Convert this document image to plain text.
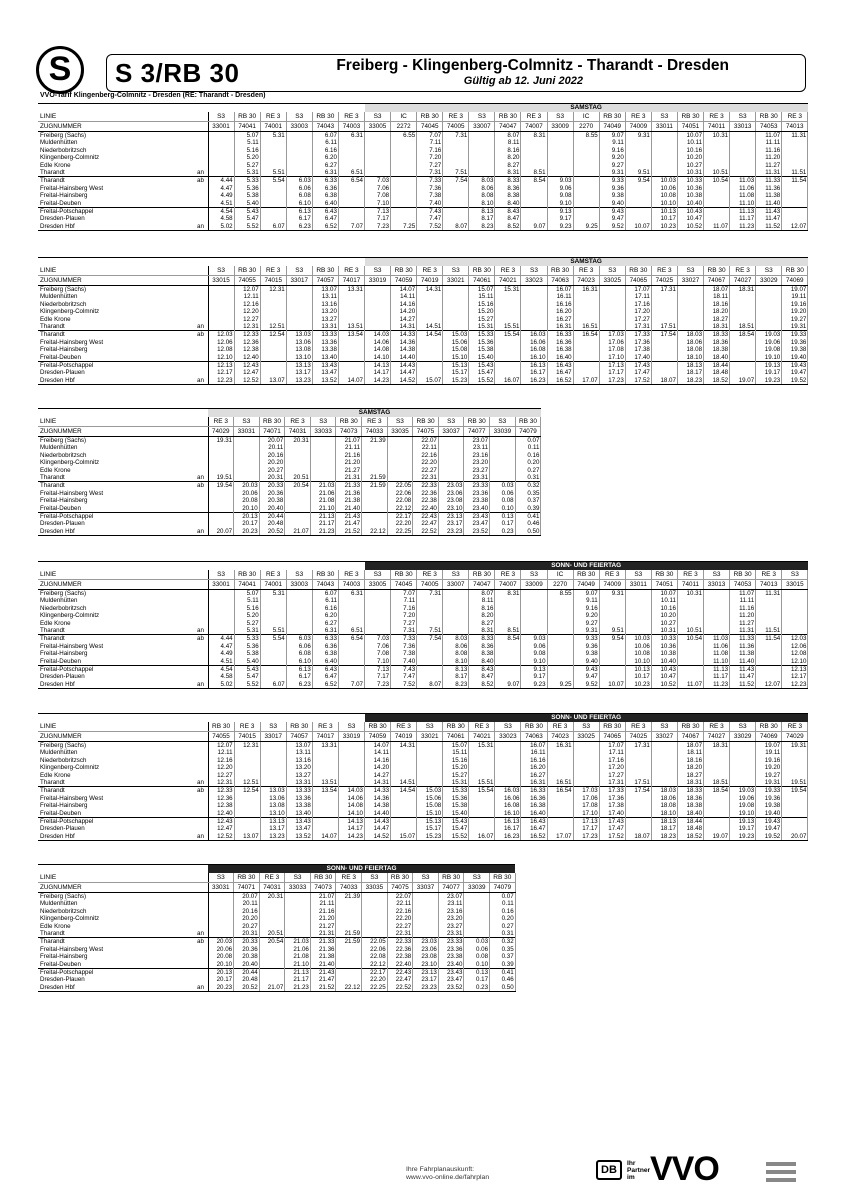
S	S 3/RB 30	Freiberg - Klingenberg-Colmnitz - Tharandt - Dresden
Gültig ab 12. Juni 2022
VVO-Tarif Klingenberg-Colmnitz - Dresden (RE: Tharandt - Dresden)
								SAMSTAG																
LINIE		S3	RB 30	RE 3	S3	RB 30	RE 3	S3	IC	RB 30	RE 3	S3	RB 30	RE 3	S3	IC	RB 30	RE 3	S3	RB 30	RE 3	S3	RB 30	RE 3
ZUGNUMMER		33001	74041	74001	33003	74043	74003	33005	2272	74045	74005	33007	74047	74007	33009	2270	74049	74009	33011	74051	74011	33013	74053	74013
Freiberg (Sachs)			5.07	5.31		6.07	6.31		6.55	7.07	7.31		8.07	8.31		8.55	9.07	9.31		10.07	10.31		11.07	11.31
Muldenhütten			5.11			6.11				7.11			8.11				9.11			10.11			11.11	
Niederbobritzsch			5.16			6.16				7.16			8.16				9.16			10.16			11.16	
Klingenberg-Colmnitz			5.20			6.20				7.20			8.20				9.20			10.20			11.20	
Edle Krone			5.27			6.27				7.27			8.27				9.27			10.27			11.27	
Tharandt	an		5.31	5.51		6.31	6.51			7.31	7.51		8.31	8.51			9.31	9.51		10.31	10.51		11.31	11.51
Tharandt	ab	4.44	5.33	5.54	6.03	6.33	6.54	7.03		7.33	7.54	8.03	8.33	8.54	9.03		9.33	9.54	10.03	10.33	10.54	11.03	11.33	11.54
Freital-Hainsberg West		4.47	5.36		6.06	6.36		7.06		7.36		8.06	8.36		9.06		9.36		10.06	10.36		11.06	11.36	
Freital-Hainsberg		4.49	5.38		6.08	6.38		7.08		7.38		8.08	8.38		9.08		9.38		10.08	10.38		11.08	11.38	
Freital-Deuben		4.51	5.40		6.10	6.40		7.10		7.40		8.10	8.40		9.10		9.40		10.10	10.40		11.10	11.40	
Freital-Potschappel		4.54	5.43		6.13	6.43		7.13		7.43		8.13	8.43		9.13		9.43		10.13	10.43		11.13	11.43	
Dresden-Plauen		4.58	5.47		6.17	6.47		7.17		7.47		8.17	8.47		9.17		9.47		10.17	10.47		11.17	11.47	
Dresden Hbf	an	5.02	5.52	6.07	6.23	6.52	7.07	7.23	7.25	7.52	8.07	8.23	8.52	9.07	9.23	9.25	9.52	10.07	10.23	10.52	11.07	11.23	11.52	12.07
								SAMSTAG																
LINIE		S3	RB 30	RE 3	S3	RB 30	RE 3	S3	RB 30	RE 3	S3	RB 30	RE 3	S3	RB 30	RE 3	S3	RB 30	RE 3	S3	RB 30	RE 3	S3	RB 30
ZUGNUMMER		33015	74055	74015	33017	74057	74017	33019	74059	74019	33021	74061	74021	33023	74063	74023	33025	74065	74025	33027	74067	74027	33029	74069
Freiberg (Sachs)			12.07	12.31		13.07	13.31		14.07	14.31		15.07	15.31		16.07	16.31		17.07	17.31		18.07	18.31		19.07
Muldenhütten			12.11			13.11			14.11			15.11			16.11			17.11			18.11			19.11
Niederbobritzsch			12.16			13.16			14.16			15.16			16.16			17.16			18.16			19.16
Klingenberg-Colmnitz			12.20			13.20			14.20			15.20			16.20			17.20			18.20			19.20
Edle Krone			12.27			13.27			14.27			15.27			16.27			17.27			18.27			19.27
Tharandt	an		12.31	12.51		13.31	13.51		14.31	14.51		15.31	15.51		16.31	16.51		17.31	17.51		18.31	18.51		19.31
Tharandt	ab	12.03	12.33	12.54	13.03	13.33	13.54	14.03	14.33	14.54	15.03	15.33	15.54	16.03	16.33	16.54	17.03	17.33	17.54	18.03	18.33	18.54	19.03	19.33
Freital-Hainsberg West		12.06	12.36		13.06	13.36		14.06	14.36		15.06	15.36		16.06	16.36		17.06	17.36		18.06	18.36		19.06	19.36
Freital-Hainsberg		12.08	12.38		13.08	13.38		14.08	14.38		15.08	15.38		16.08	16.38		17.08	17.38		18.08	18.38		19.08	19.38
Freital-Deuben		12.10	12.40		13.10	13.40		14.10	14.40		15.10	15.40		16.10	16.40		17.10	17.40		18.10	18.40		19.10	19.40
Freital-Potschappel		12.13	12.43		13.13	13.43		14.13	14.43		15.13	15.43		16.13	16.43		17.13	17.43		18.13	18.44		19.13	19.43
Dresden-Plauen		12.17	12.47		13.17	13.47		14.17	14.47		15.17	15.47		16.17	16.47		17.17	17.47		18.17	18.48		19.17	19.47
Dresden Hbf	an	12.23	12.52	13.07	13.23	13.52	14.07	14.23	14.52	15.07	15.23	15.52	16.07	16.23	16.52	17.07	17.23	17.52	18.07	18.23	18.52	19.07	19.23	19.52
		SAMSTAG												
LINIE		RE 3	S3	RB 30	RE 3	S3	RB 30	RE 3	S3	RB 30	S3	RB 30	S3	RB 30
ZUGNUMMER		74029	33031	74071	74031	33033	74073	74033	33035	74075	33037	74077	33039	74079
Freiberg (Sachs)		19.31		20.07	20.31		21.07	21.39		22.07		23.07		0.07
Muldenhütten				20.11			21.11			22.11		23.11		0.11
Niederbobritzsch				20.16			21.16			22.16		23.16		0.16
Klingenberg-Colmnitz				20.20			21.20			22.20		23.20		0.20
Edle Krone				20.27			21.27			22.27		23.27		0.27
Tharandt	an	19.51		20.31	20.51		21.31	21.59		22.31		23.31		0.31
Tharandt	ab	19.54	20.03	20.33	20.54	21.03	21.33	21.59	22.05	22.33	23.03	23.33	0.03	0.32
Freital-Hainsberg West			20.06	20.36		21.06	21.36		22.06	22.36	23.06	23.36	0.06	0.35
Freital-Hainsberg			20.08	20.38		21.08	21.38		22.08	22.38	23.08	23.38	0.08	0.37
Freital-Deuben			20.10	20.40		21.10	21.40		22.12	22.40	23.10	23.40	0.10	0.39
Freital-Potschappel			20.13	20.44		21.13	21.43		22.17	22.43	23.13	23.43	0.13	0.41
Dresden-Plauen			20.17	20.48		21.17	21.47		22.20	22.47	23.17	23.47	0.17	0.46
Dresden Hbf	an	20.07	20.23	20.52	21.07	21.23	21.52	22.12	22.25	22.52	23.23	23.52	0.23	0.50
								SONN- UND FEIERTAG																
LINIE		S3	RB 30	RE 3	S3	RB 30	RE 3	S3	RB 30	RE 3	S3	RB 30	RE 3	S3	IC	RB 30	RE 3	S3	RB 30	RE 3	S3	RB 30	RE 3	S3
ZUGNUMMER		33001	74041	74001	33003	74043	74003	33005	74045	74005	33007	74047	74007	33009	2270	74049	74009	33011	74051	74011	33013	74053	74013	33015
Freiberg (Sachs)			5.07	5.31		6.07	6.31		7.07	7.31		8.07	8.31		8.55	9.07	9.31		10.07	10.31		11.07	11.31	
Muldenhütten			5.11			6.11			7.11			8.11				9.11			10.11			11.11		
Niederbobritzsch			5.16			6.16			7.16			8.16				9.16			10.16			11.16		
Klingenberg-Colmnitz			5.20			6.20			7.20			8.20				9.20			10.20			11.20		
Edle Krone			5.27			6.27			7.27			8.27				9.27			10.27			11.27		
Tharandt	an		5.31	5.51		6.31	6.51		7.31	7.51		8.31	8.51			9.31	9.51		10.31	10.51		11.31	11.51	
Tharandt	ab	4.44	5.33	5.54	6.03	6.33	6.54	7.03	7.33	7.54	8.03	8.33	8.54	9.03		9.33	9.54	10.03	10.33	10.54	11.03	11.33	11.54	12.03
Freital-Hainsberg West		4.47	5.36		6.06	6.36		7.06	7.36		8.06	8.36		9.06		9.36		10.06	10.36		11.06	11.36		12.06
Freital-Hainsberg		4.49	5.38		6.08	6.38		7.08	7.38		8.08	8.38		9.08		9.38		10.08	10.38		11.08	11.38		12.08
Freital-Deuben		4.51	5.40		6.10	6.40		7.10	7.40		8.10	8.40		9.10		9.40		10.10	10.40		11.10	11.40		12.10
Freital-Potschappel		4.54	5.43		6.13	6.43		7.13	7.43		8.13	8.43		9.13		9.43		10.13	10.43		11.13	11.43		12.13
Dresden-Plauen		4.58	5.47		6.17	6.47		7.17	7.47		8.17	8.47		9.17		9.47		10.17	10.47		11.17	11.47		12.17
Dresden Hbf	an	5.02	5.52	6.07	6.23	6.52	7.07	7.23	7.52	8.07	8.23	8.52	9.07	9.23	9.25	9.52	10.07	10.23	10.52	11.07	11.23	11.52	12.07	12.23
								SONN- UND FEIERTAG																
LINIE		RB 30	RE 3	S3	RB 30	RE 3	S3	RB 30	RE 3	S3	RB 30	RE 3	S3	RB 30	RE 3	S3	RB 30	RE 3	S3	RB 30	RE 3	S3	RB 30	RE 3
ZUGNUMMER		74055	74015	33017	74057	74017	33019	74059	74019	33021	74061	74021	33023	74063	74023	33025	74065	74025	33027	74067	74027	33029	74069	74029
Freiberg (Sachs)		12.07	12.31		13.07	13.31		14.07	14.31		15.07	15.31		16.07	16.31		17.07	17.31		18.07	18.31		19.07	19.31
Muldenhütten		12.11			13.11			14.11			15.11			16.11			17.11			18.11			19.11	
Niederbobritzsch		12.16			13.16			14.16			15.16			16.16			17.16			18.16			19.16	
Klingenberg-Colmnitz		12.20			13.20			14.20			15.20			16.20			17.20			18.20			19.20	
Edle Krone		12.27			13.27			14.27			15.27			16.27			17.27			18.27			19.27	
Tharandt	an	12.31	12.51		13.31	13.51		14.31	14.51		15.31	15.51		16.31	16.51		17.31	17.51		18.31	18.51		19.31	19.51
Tharandt	ab	12.33	12.54	13.03	13.33	13.54	14.03	14.33	14.54	15.03	15.33	15.54	16.03	16.33	16.54	17.03	17.33	17.54	18.03	18.33	18.54	19.03	19.33	19.54
Freital-Hainsberg West		12.36		13.06	13.36		14.06	14.36		15.06	15.36		16.06	16.36		17.06	17.36		18.06	18.36		19.06	19.36	
Freital-Hainsberg		12.38		13.08	13.38		14.08	14.38		15.08	15.38		16.08	16.38		17.08	17.38		18.08	18.38		19.08	19.38	
Freital-Deuben		12.40		13.10	13.40		14.10	14.40		15.10	15.40		16.10	16.40		17.10	17.40		18.10	18.40		19.10	19.40	
Freital-Potschappel		12.43		13.13	13.43		14.13	14.43		15.13	15.43		16.13	16.43		17.13	17.43		18.13	18.44		19.13	19.43	
Dresden-Plauen		12.47		13.17	13.47		14.17	14.47		15.17	15.47		16.17	16.47		17.17	17.47		18.17	18.48		19.17	19.47	
Dresden Hbf	an	12.52	13.07	13.23	13.52	14.07	14.23	14.52	15.07	15.23	15.52	16.07	16.23	16.52	17.07	17.23	17.52	18.07	18.23	18.52	19.07	19.23	19.52	20.07
		SONN- UND FEIERTAG											
LINIE		S3	RB 30	RE 3	S3	RB 30	RE 3	S3	RB 30	S3	RB 30	S3	RB 30
ZUGNUMMER		33031	74071	74031	33033	74073	74033	33035	74075	33037	74077	33039	74079
Freiberg (Sachs)			20.07	20.31		21.07	21.39		22.07		23.07		0.07
Muldenhütten			20.11			21.11			22.11		23.11		0.11
Niederbobritzsch			20.16			21.16			22.16		23.16		0.16
Klingenberg-Colmnitz			20.20			21.20			22.20		23.20		0.20
Edle Krone			20.27			21.27			22.27		23.27		0.27
Tharandt	an		20.31	20.51		21.31	21.59		22.31		23.31		0.31
Tharandt	ab	20.03	20.33	20.54	21.03	21.33	21.59	22.05	22.33	23.03	23.33	0.03	0.32
Freital-Hainsberg West		20.06	20.36		21.06	21.36		22.06	22.36	23.06	23.36	0.06	0.35
Freital-Hainsberg		20.08	20.38		21.08	21.38		22.08	22.38	23.08	23.38	0.08	0.37
Freital-Deuben		20.10	20.40		21.10	21.40		22.12	22.40	23.10	23.40	0.10	0.39
Freital-Potschappel		20.13	20.44		21.13	21.43		22.17	22.43	23.13	23.43	0.13	0.41
Dresden-Plauen		20.17	20.48		21.17	21.47		22.20	22.47	23.17	23.47	0.17	0.46
Dresden Hbf	an	20.23	20.52	21.07	21.23	21.52	22.12	22.25	22.52	23.23	23.52	0.23	0.50
Ihre Fahrplanauskunft:
www.vvo-online.de/fahrplan
DB
Ihr
Partner
im VVO
